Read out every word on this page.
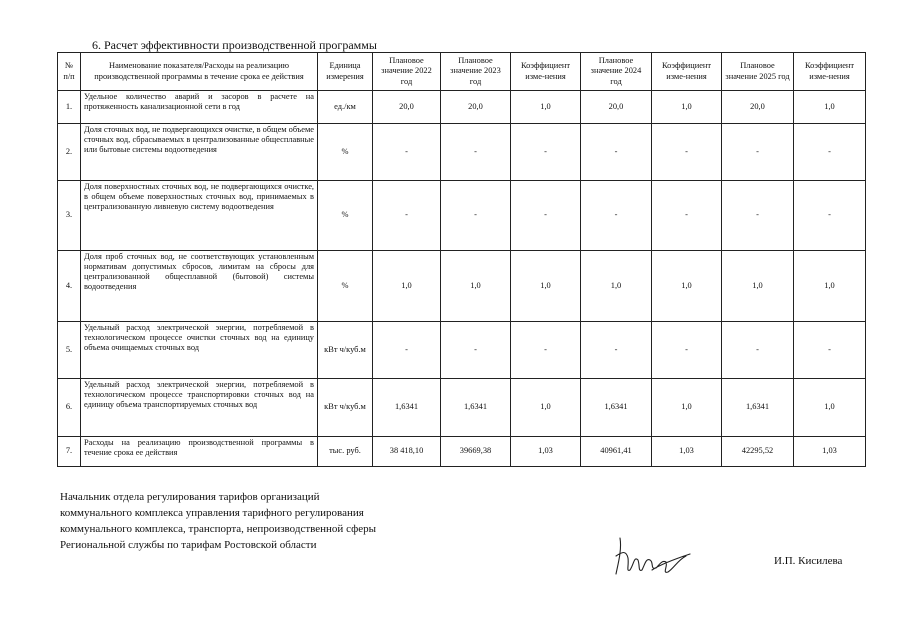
6. Расчет эффективности производственной программы
№ п/п	Наименование показателя/Расходы на реализацию производственной программы в течение срока ее действия	Единица измерения	Плановое значение 2022 год	Плановое значение 2023 год	Коэффициент изме-нения	Плановое значение 2024 год	Коэффициент изме-нения	Плановое значение 2025 год	Коэффициент изме-нения
1.	Удельное количество аварий и засоров в расчете на протяженность канализационной сети в год	ед./км	20,0	20,0	1,0	20,0	1,0	20,0	1,0
2.	Доля сточных вод, не подвергающихся очистке, в общем объеме сточных вод, сбрасываемых в централизованные общесплавные или бытовые системы водоотведения	%	-	-	-	-	-	-	-
3.	Доля поверхностных сточных вод, не подвергающихся очистке, в общем объеме поверхностных сточных вод, принимаемых в централизованную ливневую систему водоотведения	%	-	-	-	-	-	-	-
4.	Доля проб сточных вод, не соответствующих установленным нормативам допустимых сбросов, лимитам на сбросы для централизованной общесплавной (бытовой) системы водоотведения	%	1,0	1,0	1,0	1,0	1,0	1,0	1,0
5.	Удельный расход электрической энергии, потребляемой в технологическом процессе очистки сточных вод на единицу объема очищаемых сточных вод	кВт ч/куб.м	-	-	-	-	-	-	-
6.	Удельный расход электрической энергии, потребляемой в технологическом процессе транспортировки сточных вод на единицу объема транспортируемых сточных вод	кВт ч/куб.м	1,6341	1,6341	1,0	1,6341	1,0	1,6341	1,0
7.	Расходы на реализацию производственной программы в течение срока ее действия	тыс. руб.	38 418,10	39669,38	1,03	40961,41	1,03	42295,52	1,03
Начальник отдела регулирования тарифов организаций коммунального комплекса управления тарифного регулирования коммунального комплекса, транспорта, непроизводственной сферы Региональной службы по тарифам Ростовской области
И.П. Кисилева
